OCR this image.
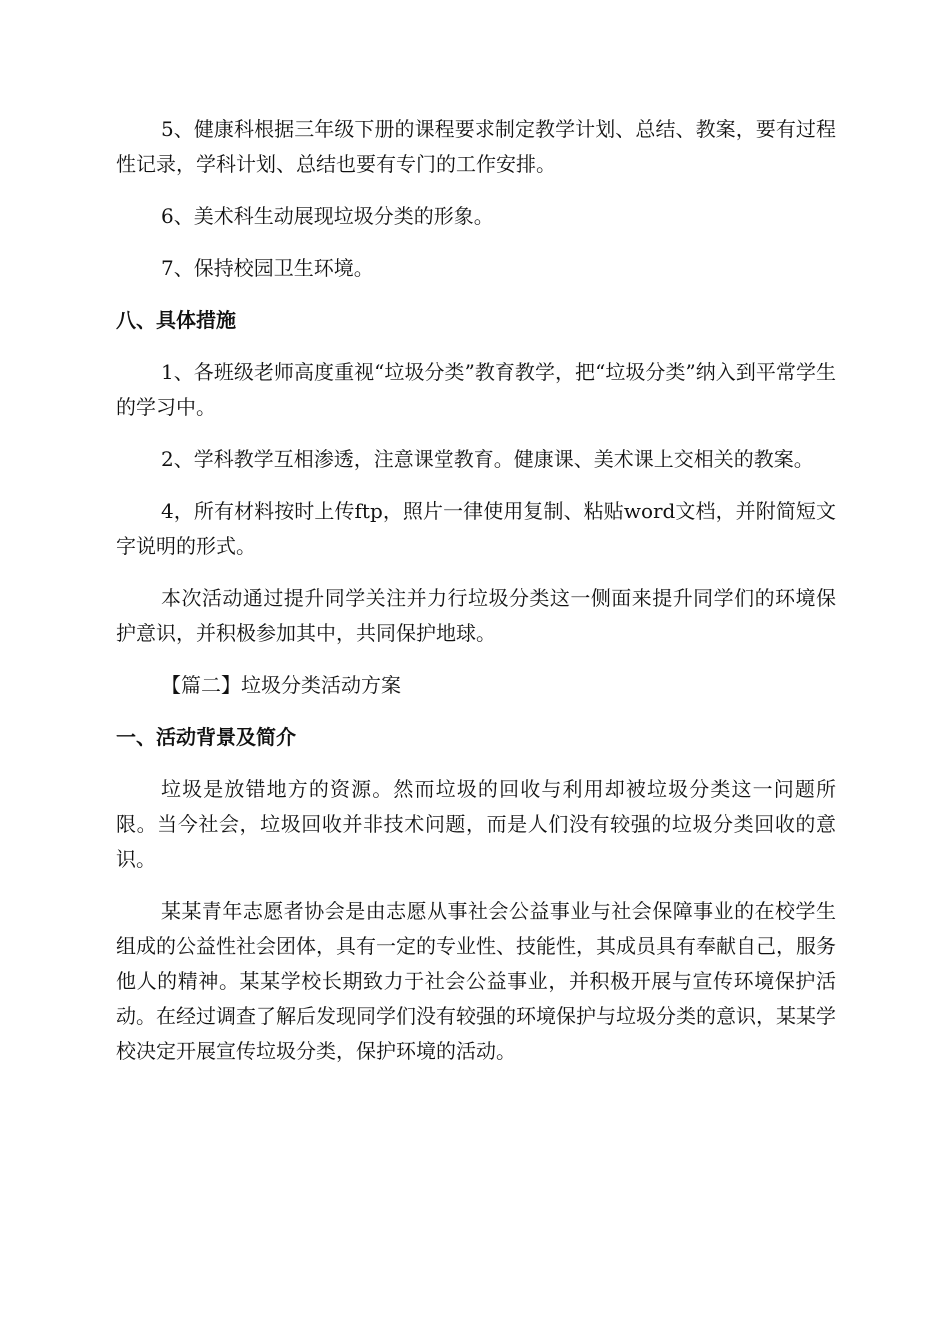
5、健康科根据三年级下册的课程要求制定教学计划、总结、教案，要有过程性记录，学科计划、总结也要有专门的工作安排。

6、美术科生动展现垃圾分类的形象。

7、保持校园卫生环境。

八、具体措施

1、各班级老师高度重视“垃圾分类”教育教学，把“垃圾分类”纳入到平常学生的学习中。

2、学科教学互相渗透，注意课堂教育。健康课、美术课上交相关的教案。

4，所有材料按时上传ftp，照片一律使用复制、粘贴word文档，并附简短文字说明的形式。

本次活动通过提升同学关注并力行垃圾分类这一侧面来提升同学们的环境保护意识，并积极参加其中，共同保护地球。

【篇二】垃圾分类活动方案

一、活动背景及简介

垃圾是放错地方的资源。然而垃圾的回收与利用却被垃圾分类这一问题所限。当今社会，垃圾回收并非技术问题，而是人们没有较强的垃圾分类回收的意识。

某某青年志愿者协会是由志愿从事社会公益事业与社会保障事业的在校学生组成的公益性社会团体，具有一定的专业性、技能性，其成员具有奉献自己，服务他人的精神。某某学校长期致力于社会公益事业，并积极开展与宣传环境保护活动。在经过调查了解后发现同学们没有较强的环境保护与垃圾分类的意识，某某学校决定开展宣传垃圾分类，保护环境的活动。
